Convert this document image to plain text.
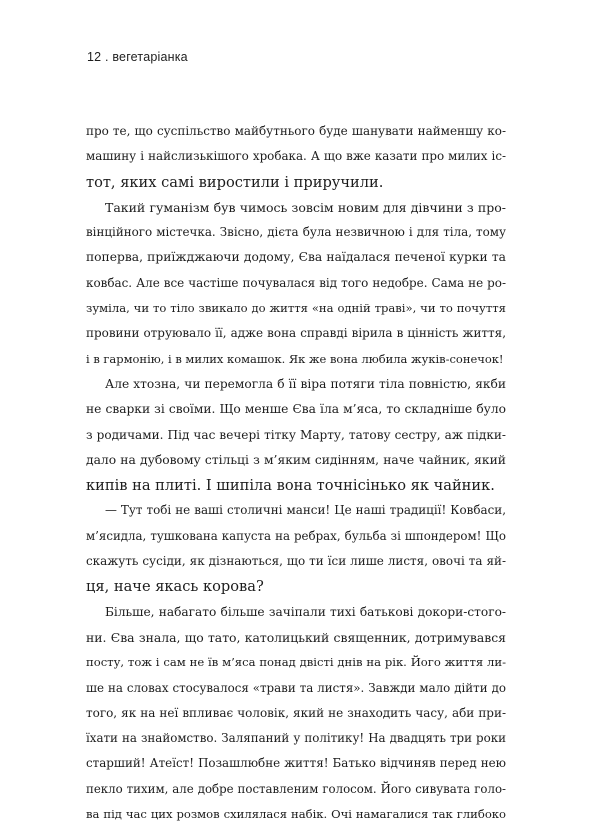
12 . вегетаріанка
про те, що суспільство майбутнього буде шанувати найменшу ко-
машину і найслизькішого хробака. А що вже казати про милих іс-
тот, яких самі виростили і приручили.
Такий гуманізм був чимось зовсім новим для дівчини з про-
вінційного містечка. Звісно, дієта була незвичною і для тіла, тому
поперва, приїжджаючи додому, Єва наїдалася печеної курки та
ковбас. Але все частіше почувалася від того недобре. Сама не ро-
зуміла, чи то тіло звикало до життя «на одній траві», чи то почуття
провини отруювало її, адже вона справді вірила в цінність життя,
і в гармонію, і в милих комашок. Як же вона любила жуків-сонечок!
Але хтозна, чи перемогла б її віра потяги тіла повністю, якби
не сварки зі своїми. Що менше Єва їла м’яса, то складніше було
з родичами. Під час вечері тітку Марту, татову сестру, аж підки-
дало на дубовому стільці з м’яким сидінням, наче чайник, який
кипів на плиті. І шипіла вона точнісінько як чайник.
— Тут тобі не ваші столичні манси! Це наші традиції! Ковбаси,
м’ясидла, тушкована капуста на ребрах, бульба зі шпондером! Що
скажуть сусіди, як дізнаються, що ти їси лише листя, овочі та яй-
ця, наче якась корова?
Більше, набагато більше зачіпали тихі батькові докори-стого-
ни. Єва знала, що тато, католицький священник, дотримувався
посту, тож і сам не їв м’яса понад двісті днів на рік. Його життя ли-
ше на словах стосувалося «трави та листя». Завжди мало дійти до
того, як на неї впливає чоловік, який не знаходить часу, аби при-
їхати на знайомство. Заляпаний у політику! На двадцять три роки
старший! Атеїст! Позашлюбне життя! Батько відчиняв перед нею
пекло тихим, але добре поставленим голосом. Його сивувата голо-
ва під час цих розмов схилялася набік. Очі намагалися так глибоко
